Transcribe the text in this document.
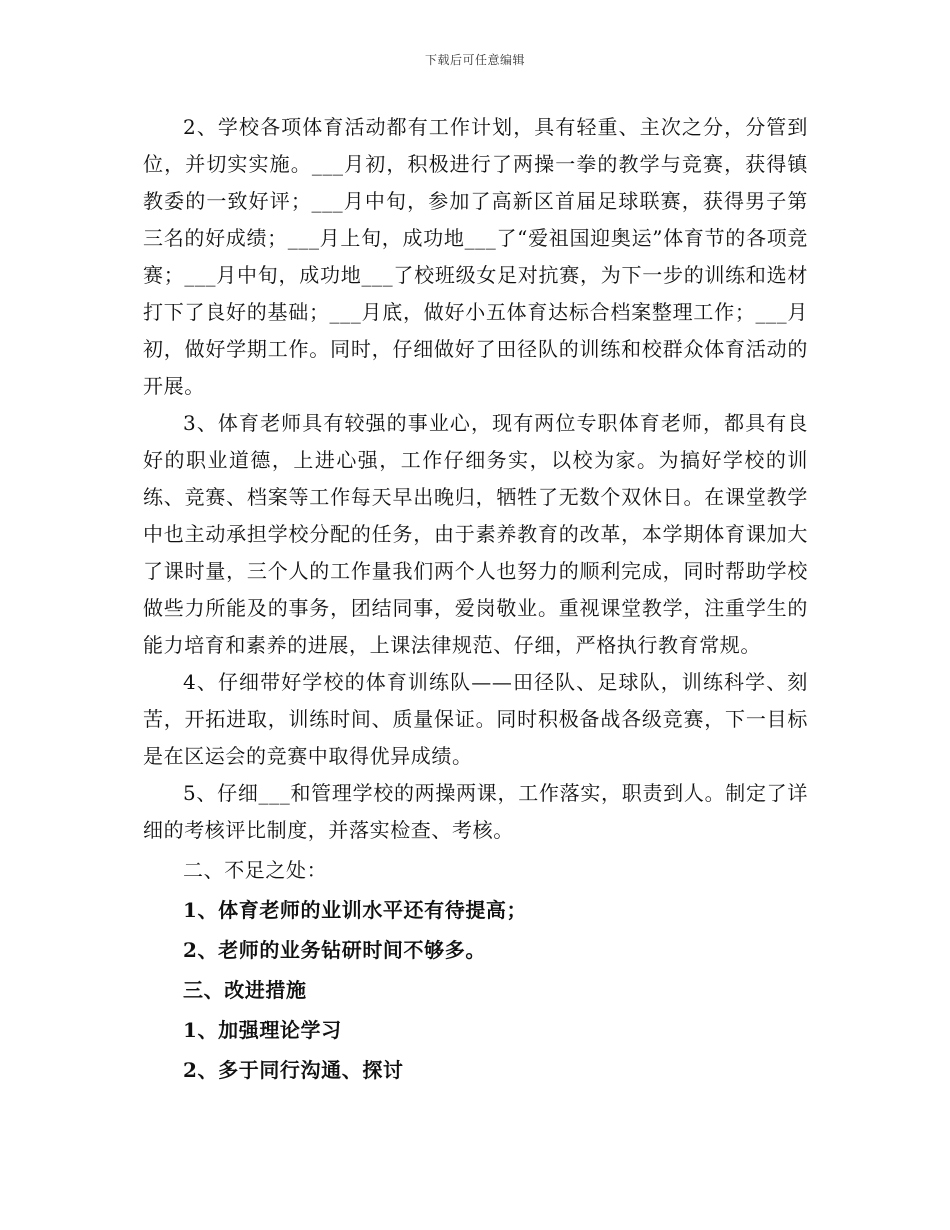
下载后可任意编辑

2、学校各项体育活动都有工作计划，具有轻重、主次之分，分管到位，并切实实施。___月初，积极进行了两操一拳的教学与竞赛，获得镇教委的一致好评；___月中旬，参加了高新区首届足球联赛，获得男子第三名的好成绩；___月上旬，成功地___了“爱祖国迎奥运”体育节的各项竞赛；___月中旬，成功地___了校班级女足对抗赛，为下一步的训练和选材打下了良好的基础；___月底，做好小五体育达标合档案整理工作；___月初，做好学期工作。同时，仔细做好了田径队的训练和校群众体育活动的开展。

3、体育老师具有较强的事业心，现有两位专职体育老师，都具有良好的职业道德，上进心强，工作仔细务实，以校为家。为搞好学校的训练、竞赛、档案等工作每天早出晚归，牺牲了无数个双休日。在课堂教学中也主动承担学校分配的任务，由于素养教育的改革，本学期体育课加大了课时量，三个人的工作量我们两个人也努力的顺利完成，同时帮助学校做些力所能及的事务，团结同事，爱岗敬业。重视课堂教学，注重学生的能力培育和素养的进展，上课法律规范、仔细，严格执行教育常规。

4、仔细带好学校的体育训练队——田径队、足球队，训练科学、刻苦，开拓进取，训练时间、质量保证。同时积极备战各级竞赛，下一目标是在区运会的竞赛中取得优异成绩。

5、仔细___和管理学校的两操两课，工作落实，职责到人。制定了详细的考核评比制度，并落实检查、考核。

二、不足之处：

1、体育老师的业训水平还有待提高；

2、老师的业务钻研时间不够多。

三、改进措施

1、加强理论学习

2、多于同行沟通、探讨
